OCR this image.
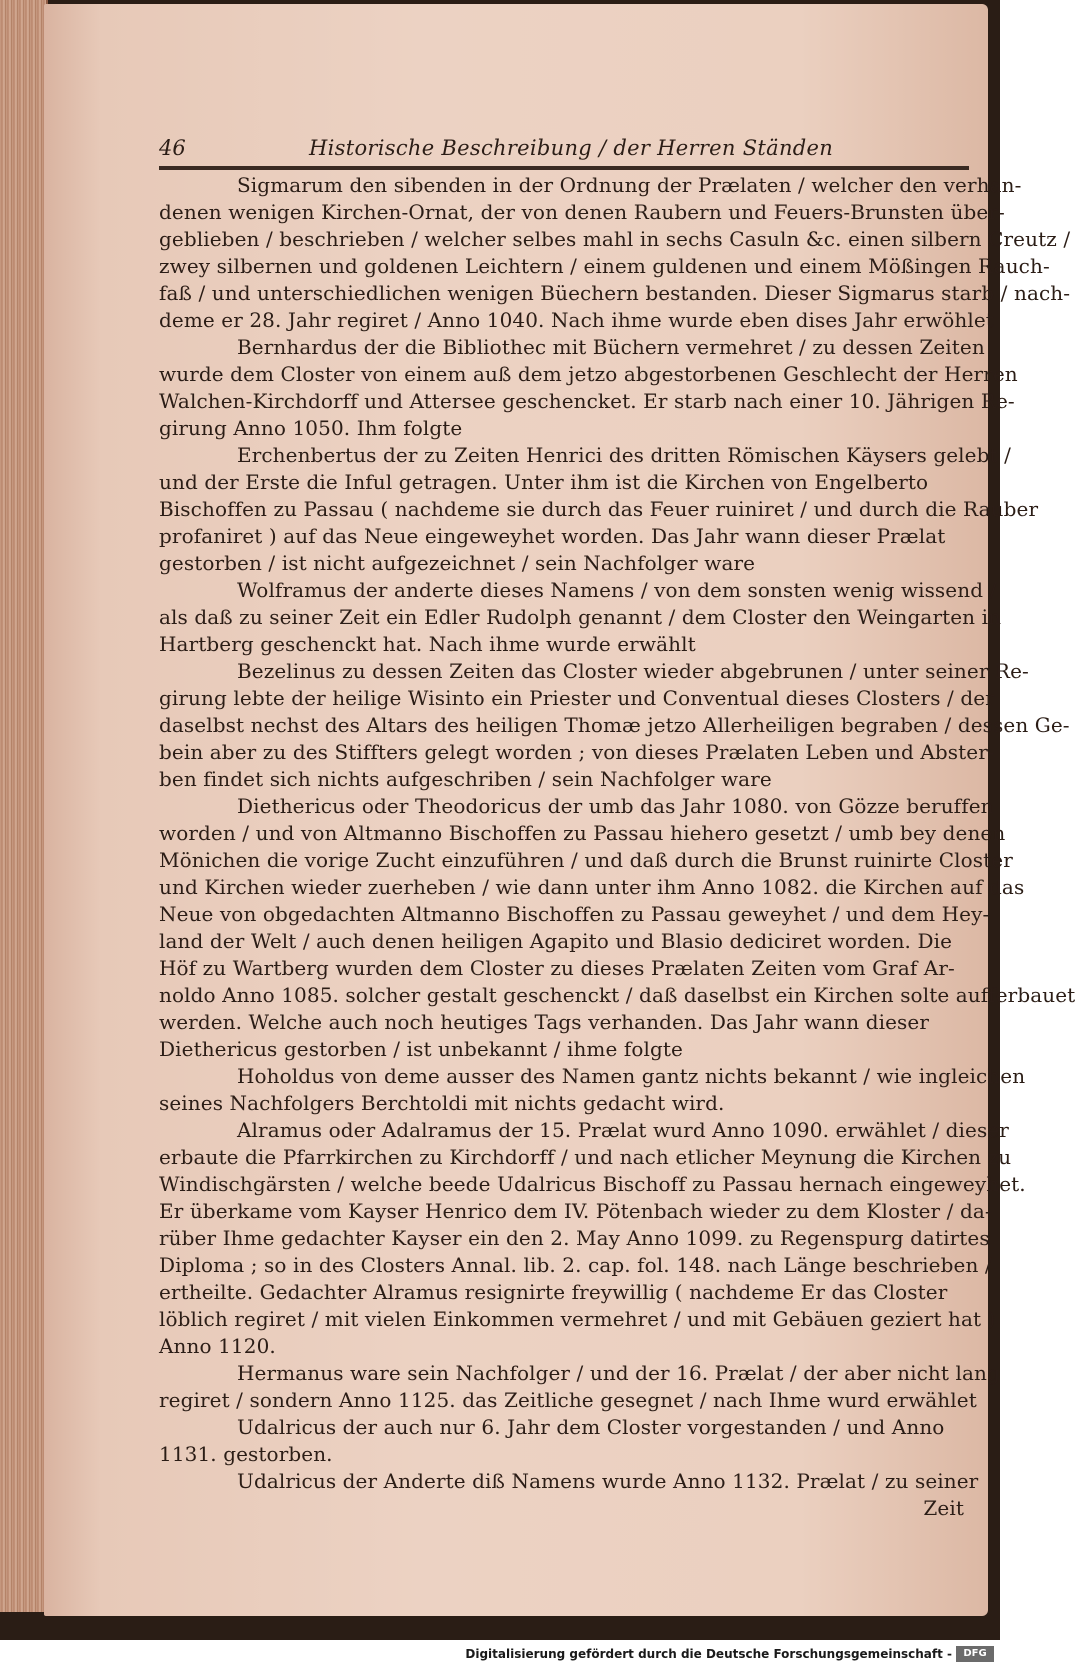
46	Historische Beschreibung / der Herren Ständen
Sigmarum den sibenden in der Ordnung der Prælaten / welcher den verhan-
denen wenigen Kirchen-Ornat, der von denen Raubern und Feuers-Brunsten über-
geblieben / beschrieben / welcher selbes mahl in sechs Casuln &c. einen silbern Creutz /
zwey silbernen und goldenen Leichtern / einem guldenen und einem Mößingen Rauch-
faß / und unterschiedlichen wenigen Büechern bestanden. Dieser Sigmarus starb / nach-
deme er 28. Jahr regiret / Anno 1040. Nach ihme wurde eben dises Jahr erwöhlet
Bernhardus der die Bibliothec mit Büchern vermehret / zu dessen Zeiten
wurde dem Closter von einem auß dem jetzo abgestorbenen Geschlecht der Herren
Walchen-Kirchdorff und Attersee geschencket. Er starb nach einer 10. Jährigen Re-
girung Anno 1050. Ihm folgte
Erchenbertus der zu Zeiten Henrici des dritten Römischen Käysers gelebt /
und der Erste die Inful getragen. Unter ihm ist die Kirchen von Engelberto
Bischoffen zu Passau ( nachdeme sie durch das Feuer ruiniret / und durch die Rauber
profaniret ) auf das Neue eingeweyhet worden. Das Jahr wann dieser Prælat
gestorben / ist nicht aufgezeichnet / sein Nachfolger ware
Wolframus der anderte dieses Namens / von dem sonsten wenig wissend /
als daß zu seiner Zeit ein Edler Rudolph genannt / dem Closter den Weingarten in
Hartberg geschenckt hat. Nach ihme wurde erwählt
Bezelinus zu dessen Zeiten das Closter wieder abgebrunen / unter seiner Re-
girung lebte der heilige Wisinto ein Priester und Conventual dieses Closters / der
daselbst nechst des Altars des heiligen Thomæ jetzo Allerheiligen begraben / dessen Ge-
bein aber zu des Stiffters gelegt worden ; von dieses Prælaten Leben und Abster-
ben findet sich nichts aufgeschriben / sein Nachfolger ware
Diethericus oder Theodoricus der umb das Jahr 1080. von Gözze beruffen
worden / und von Altmanno Bischoffen zu Passau hiehero gesetzt / umb bey denen
Mönichen die vorige Zucht einzuführen / und daß durch die Brunst ruinirte Closter
und Kirchen wieder zuerheben / wie dann unter ihm Anno 1082. die Kirchen auf das
Neue von obgedachten Altmanno Bischoffen zu Passau geweyhet / und dem Hey-
land der Welt / auch denen heiligen Agapito und Blasio dediciret worden. Die
Höf zu Wartberg wurden dem Closter zu dieses Prælaten Zeiten vom Graf Ar-
noldo Anno 1085. solcher gestalt geschenckt / daß daselbst ein Kirchen solte aufferbauet
werden. Welche auch noch heutiges Tags verhanden. Das Jahr wann dieser
Diethericus gestorben / ist unbekannt / ihme folgte
Hoholdus von deme ausser des Namen gantz nichts bekannt / wie ingleichen
seines Nachfolgers Berchtoldi mit nichts gedacht wird.
Alramus oder Adalramus der 15. Prælat wurd Anno 1090. erwählet / dieser
erbaute die Pfarrkirchen zu Kirchdorff / und nach etlicher Meynung die Kirchen zu
Windischgärsten / welche beede Udalricus Bischoff zu Passau hernach eingeweyhet.
Er überkame vom Kayser Henrico dem IV. Pötenbach wieder zu dem Kloster / da-
rüber Ihme gedachter Kayser ein den 2. May Anno 1099. zu Regenspurg datirtes
Diploma ; so in des Closters Annal. lib. 2. cap. fol. 148. nach Länge beschrieben /
ertheilte. Gedachter Alramus resignirte freywillig ( nachdeme Er das Closter
löblich regiret / mit vielen Einkommen vermehret / und mit Gebäuen geziert hat )
Anno 1120.
Hermanus ware sein Nachfolger / und der 16. Prælat / der aber nicht lang
regiret / sondern Anno 1125. das Zeitliche gesegnet / nach Ihme wurd erwählet
Udalricus der auch nur 6. Jahr dem Closter vorgestanden / und Anno
1131. gestorben.
Udalricus der Anderte diß Namens wurde Anno 1132. Prælat / zu seiner
Zeit
Digitalisierung gefördert durch die Deutsche Forschungsgemeinschaft -	DFG
